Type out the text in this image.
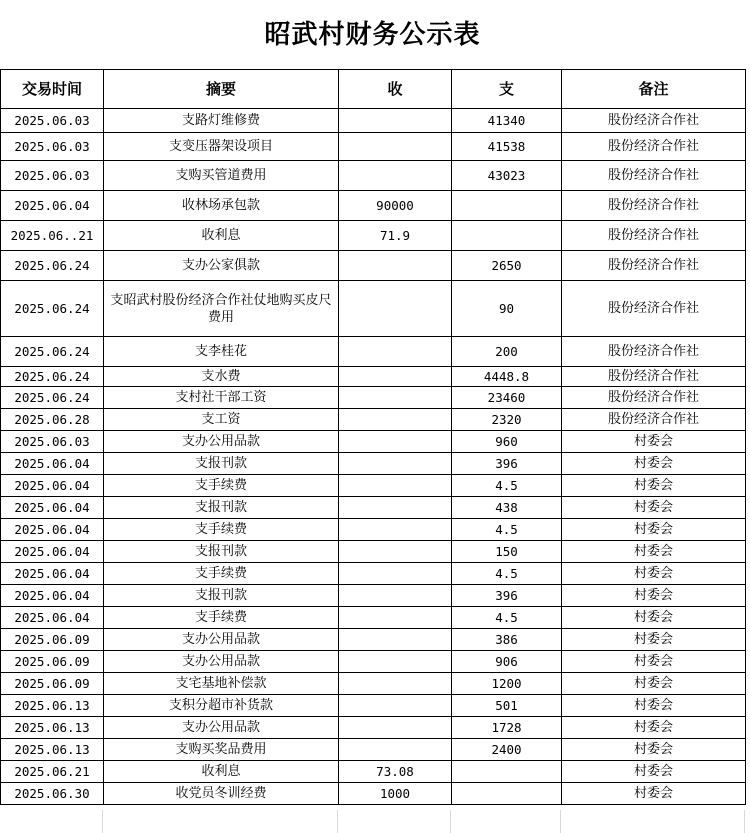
昭武村财务公示表
交易时间	摘要	收	支	备注
2025.06.03	支路灯维修费		41340	股份经济合作社
2025.06.03	支变压器架设项目		41538	股份经济合作社
2025.06.03	支购买管道费用		43023	股份经济合作社
2025.06.04	收林场承包款	90000		股份经济合作社
2025.06..21	收利息	71.9		股份经济合作社
2025.06.24	支办公家俱款		2650	股份经济合作社
2025.06.24	支昭武村股份经济合作社仗地购买皮尺费用		90	股份经济合作社
2025.06.24	支李桂花		200	股份经济合作社
2025.06.24	支水费		4448.8	股份经济合作社
2025.06.24	支村社干部工资		23460	股份经济合作社
2025.06.28	支工资		2320	股份经济合作社
2025.06.03	支办公用品款		960	村委会
2025.06.04	支报刊款		396	村委会
2025.06.04	支手续费		4.5	村委会
2025.06.04	支报刊款		438	村委会
2025.06.04	支手续费		4.5	村委会
2025.06.04	支报刊款		150	村委会
2025.06.04	支手续费		4.5	村委会
2025.06.04	支报刊款		396	村委会
2025.06.04	支手续费		4.5	村委会
2025.06.09	支办公用品款		386	村委会
2025.06.09	支办公用品款		906	村委会
2025.06.09	支宅基地补偿款		1200	村委会
2025.06.13	支积分超市补货款		501	村委会
2025.06.13	支办公用品款		1728	村委会
2025.06.13	支购买奖品费用		2400	村委会
2025.06.21	收利息	73.08		村委会
2025.06.30	收党员冬训经费	1000		村委会
